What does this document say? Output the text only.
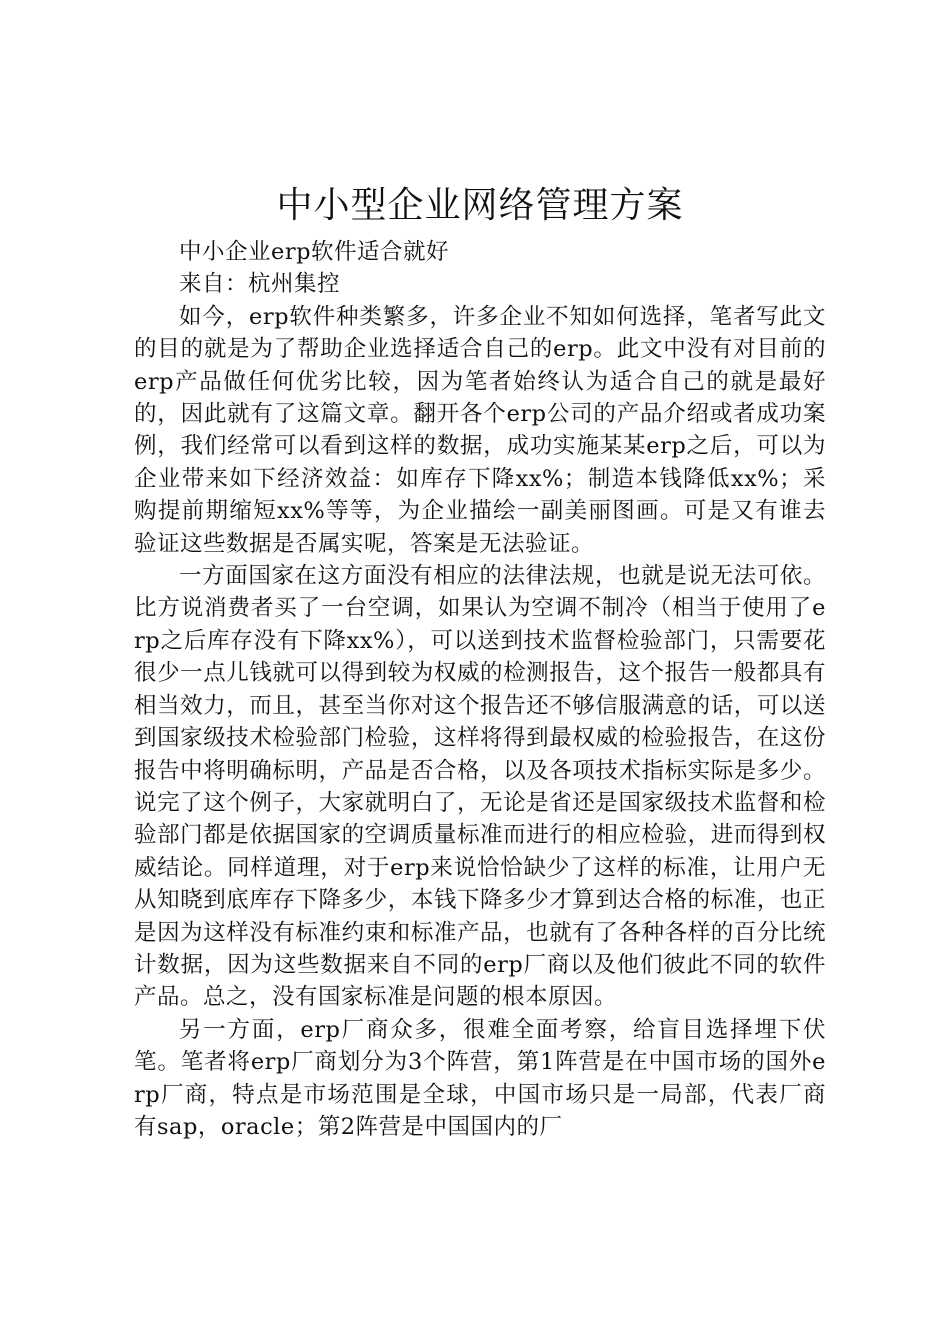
中小型企业网络管理方案

中小企业erp软件适合就好

来自：杭州集控

如今，erp软件种类繁多，许多企业不知如何选择，笔者写此文的目的就是为了帮助企业选择适合自己的erp。此文中没有对目前的erp产品做任何优劣比较，因为笔者始终认为适合自己的就是最好的，因此就有了这篇文章。翻开各个erp公司的产品介绍或者成功案例，我们经常可以看到这样的数据，成功实施某某erp之后，可以为企业带来如下经济效益：如库存下降xx%；制造本钱降低xx%；采购提前期缩短xx%等等，为企业描绘一副美丽图画。可是又有谁去验证这些数据是否属实呢，答案是无法验证。

一方面国家在这方面没有相应的法律法规，也就是说无法可依。比方说消费者买了一台空调，如果认为空调不制冷（相当于使用了erp之后库存没有下降xx%），可以送到技术监督检验部门，只需要花很少一点儿钱就可以得到较为权威的检测报告，这个报告一般都具有相当效力，而且，甚至当你对这个报告还不够信服满意的话，可以送到国家级技术检验部门检验，这样将得到最权威的检验报告，在这份报告中将明确标明，产品是否合格，以及各项技术指标实际是多少。说完了这个例子，大家就明白了，无论是省还是国家级技术监督和检验部门都是依据国家的空调质量标准而进行的相应检验，进而得到权威结论。同样道理，对于erp来说恰恰缺少了这样的标准，让用户无从知晓到底库存下降多少，本钱下降多少才算到达合格的标准，也正是因为这样没有标准约束和标准产品，也就有了各种各样的百分比统计数据，因为这些数据来自不同的erp厂商以及他们彼此不同的软件产品。总之，没有国家标准是问题的根本原因。

另一方面，erp厂商众多，很难全面考察，给盲目选择埋下伏笔。笔者将erp厂商划分为3个阵营，第1阵营是在中国市场的国外erp厂商，特点是市场范围是全球，中国市场只是一局部，代表厂商有sap，oracle；第2阵营是中国国内的厂
